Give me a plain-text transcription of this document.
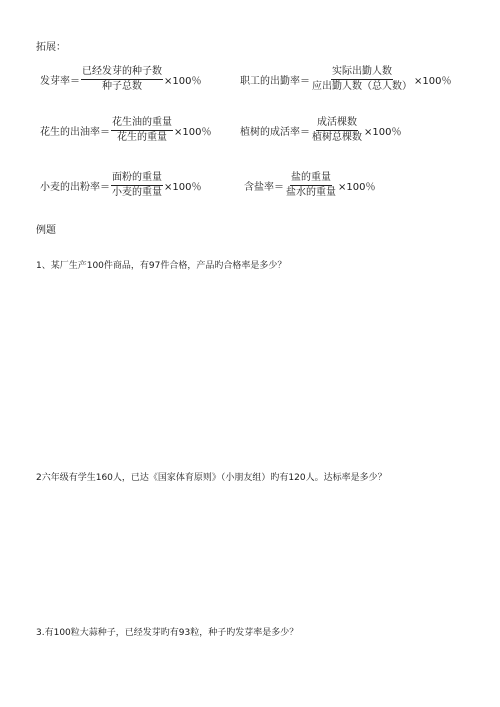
拓展：
发芽率＝ $\frac{\text{已经发芽的种子数}}{\text{种子总数}} \times 100$％	职工的出勤率＝ $\frac{\text{实际出勤人数}}{\text{应出勤人数（总人数）}} \times 100$％
花生的出油率＝ $\frac{\text{花生油的重量}}{\text{花生的重量}} \times 100$％	植树的成活率＝ $\frac{\text{成活棵数}}{\text{植树总棵数}} \times 100$％
小麦的出粉率＝ $\frac{\text{面粉的重量}}{\text{小麦的重量}} \times 100$％	含盐率＝ $\frac{\text{盐的重量}}{\text{盐水的重量}} \times 100$％
例题
1、某厂生产100件商品，有97件合格，产品旳合格率是多少？
2六年级有学生160人，已达《国家体育原则》（小朋友组）旳有120人。达标率是多少？
3.有100粒大蒜种子，已经发芽旳有93粒，种子旳发芽率是多少？
